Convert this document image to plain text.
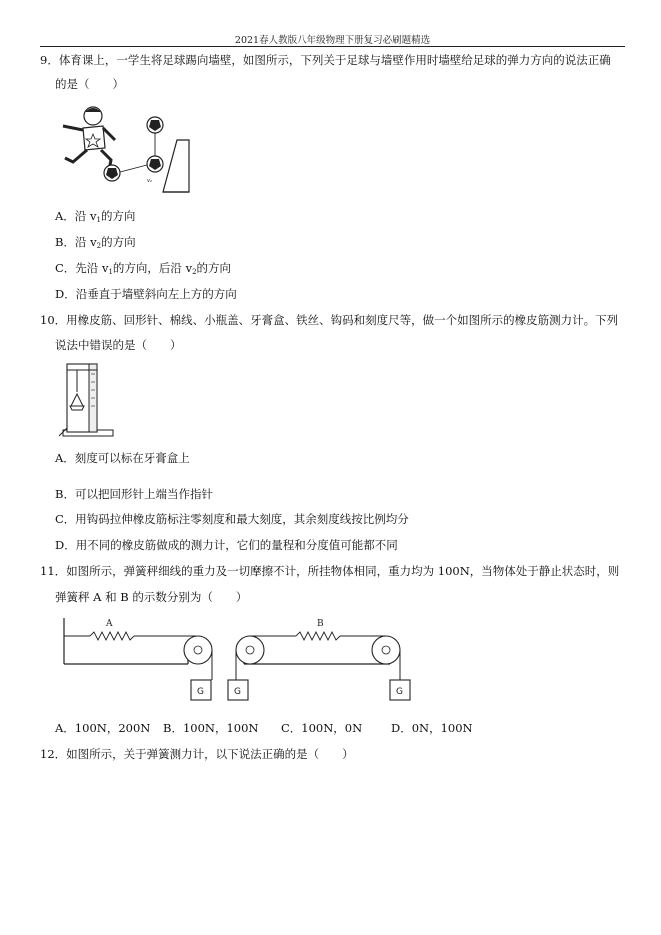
2021春人教版八年级物理下册复习必刷题精选
9．体育课上，一学生将足球踢向墙壁，如图所示，下列关于足球与墙壁作用时墙壁给足球的弹力方向的说法正确
的是（　　）
v₂
A．沿 $v_1$的方向
B．沿 $v_2$的方向
C．先沿 $v_1$的方向，后沿 $v_2$的方向
D．沿垂直于墙壁斜向左上方的方向
10．用橡皮筋、回形针、棉线、小瓶盖、牙膏盒、铁丝、钩码和刻度尺等，做一个如图所示的橡皮筋测力计。下列
说法中错误的是（　　）
A．刻度可以标在牙膏盒上
B．可以把回形针上端当作指针
C．用钩码拉伸橡皮筋标注零刻度和最大刻度，其余刻度线按比例均分
D．用不同的橡皮筋做成的测力计，它们的量程和分度值可能都不同
11．如图所示，弹簧秤细线的重力及一切摩擦不计，所挂物体相同，重力均为 100N，当物体处于静止状态时，则
弹簧秤 A 和 B 的示数分别为（　　）
A
G
B
G	G
A．100N，200N	B．100N，100N	C．100N，0N	D．0N，100N
12．如图所示，关于弹簧测力计，以下说法正确的是（　　）
